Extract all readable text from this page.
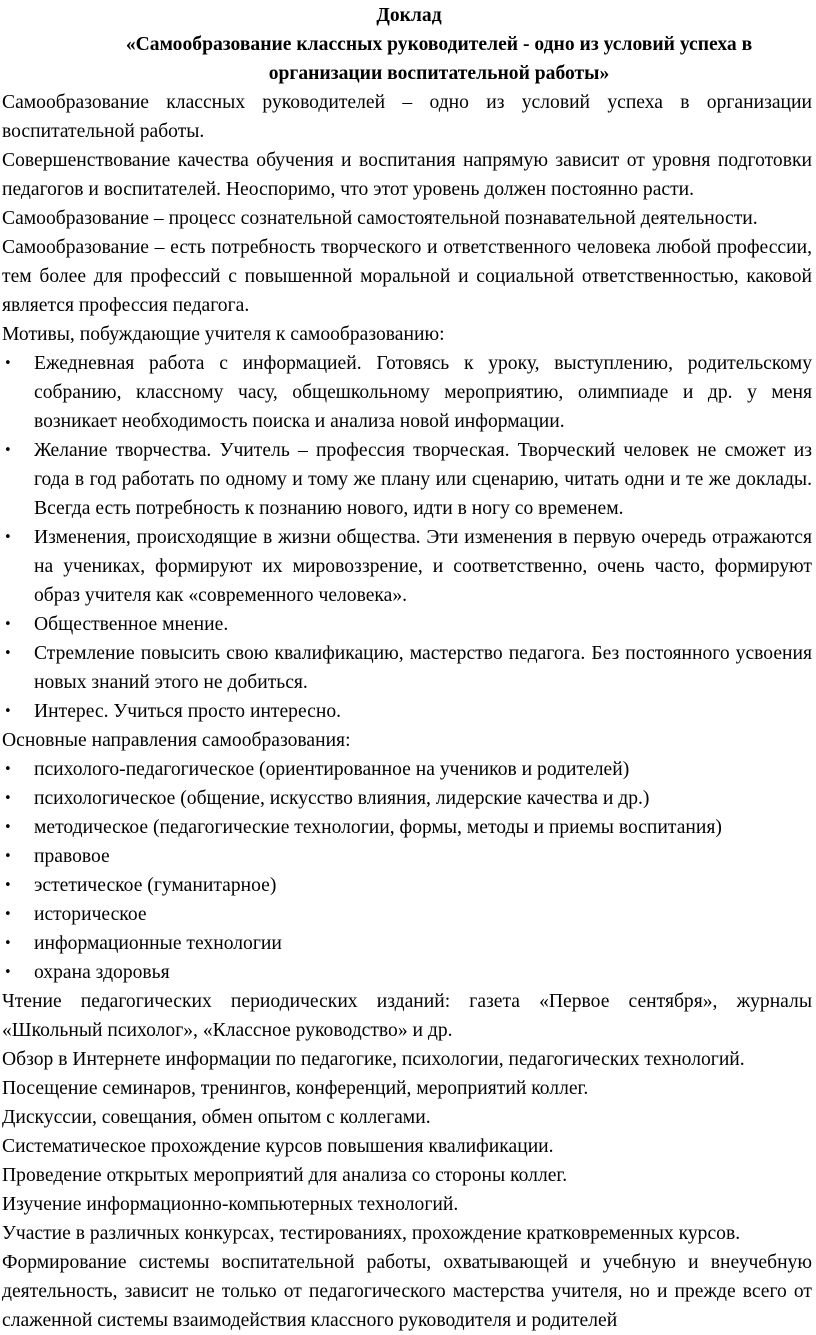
Доклад
«Самообразование классных руководителей - одно из условий успеха в организации воспитательной работы»

Самообразование классных руководителей – одно из условий успеха в организации воспитательной работы.

Совершенствование качества обучения и воспитания напрямую зависит от уровня подготовки педагогов и воспитателей. Неоспоримо, что этот уровень должен постоянно расти.

Самообразование – процесс сознательной самостоятельной познавательной деятельности.

Самообразование – есть потребность творческого и ответственного человека любой профессии, тем более для профессий с повышенной моральной и социальной ответственностью, каковой является профессия педагога.

Мотивы, побуждающие учителя к самообразованию:

•	Ежедневная работа с информацией. Готовясь к уроку, выступлению, родительскому собранию, классному часу, общешкольному мероприятию, олимпиаде и др. у меня возникает необходимость поиска и анализа новой информации.
•	Желание творчества. Учитель – профессия творческая. Творческий человек не сможет из года в год работать по одному и тому же плану или сценарию, читать одни и те же доклады. Всегда есть потребность к познанию нового, идти в ногу со временем.
•	Изменения, происходящие в жизни общества. Эти изменения в первую очередь отражаются на учениках, формируют их мировоззрение, и соответственно, очень часто, формируют образ учителя как «современного человека».
•	Общественное мнение.
•	Стремление повысить свою квалификацию, мастерство педагога. Без постоянного усвоения новых знаний этого не добиться.
•	Интерес. Учиться просто интересно.

Основные направления самообразования:

•	психолого-педагогическое (ориентированное на учеников и родителей)
•	психологическое (общение, искусство влияния, лидерские качества и др.)
•	методическое (педагогические технологии, формы, методы и приемы воспитания)
•	правовое
•	эстетическое (гуманитарное)
•	историческое
•	информационные технологии
•	охрана здоровья

Чтение педагогических периодических изданий: газета «Первое сентября», журналы «Школьный психолог», «Классное руководство» и др.

Обзор в Интернете информации по педагогике, психологии, педагогических технологий.

Посещение семинаров, тренингов, конференций, мероприятий коллег.

Дискуссии, совещания, обмен опытом с коллегами.

Систематическое прохождение курсов повышения квалификации.

Проведение открытых мероприятий для анализа со стороны коллег.

Изучение информационно-компьютерных технологий.

Участие в различных конкурсах, тестированиях, прохождение кратковременных курсов.

Формирование системы воспитательной работы, охватывающей и учебную и внеучебную деятельность, зависит не только от педагогического мастерства учителя, но и прежде всего от слаженной системы взаимодействия классного руководителя и родителей
